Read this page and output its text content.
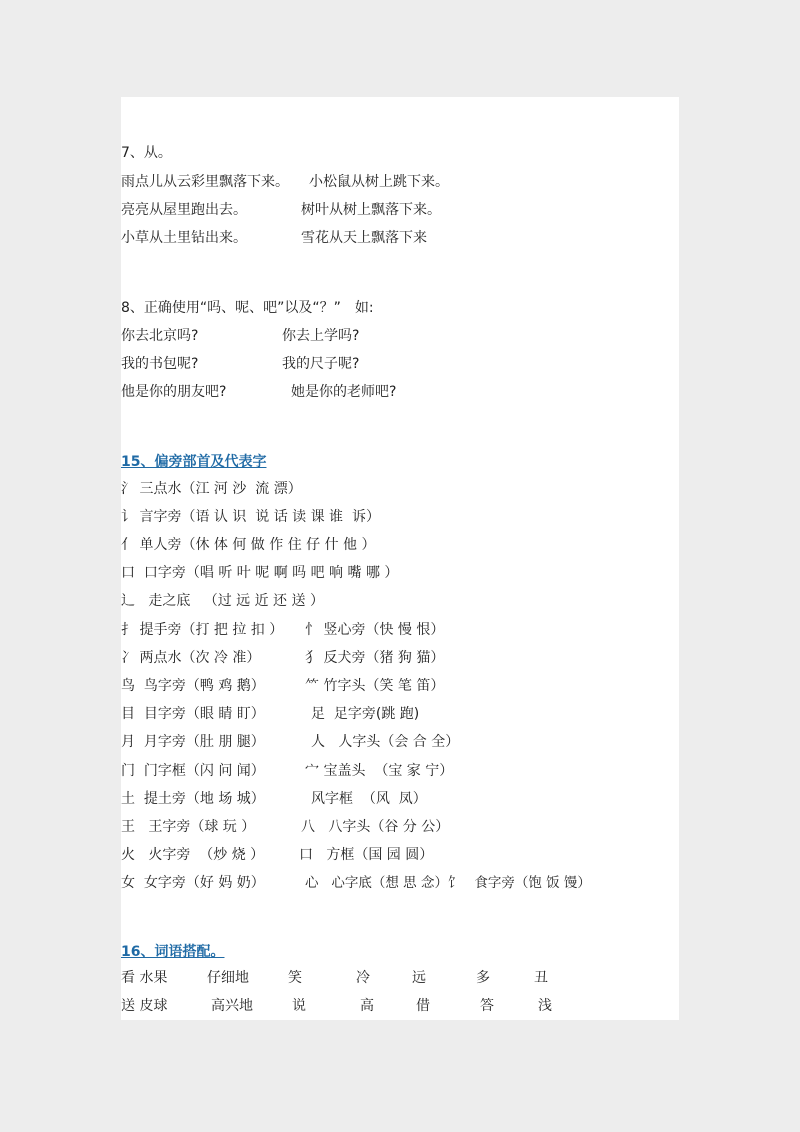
7、从。
雨点儿从云彩里飘落下来。 小松鼠从树上跳下来。
亮亮从屋里跑出去。	树叶从树上飘落下来。
小草从土里钻出来。	雪花从天上飘落下来
8、正确使用“吗、呢、吧”以及“？”　如:
你去北京吗?	你去上学吗?
我的书包呢?	我的尺子呢?
他是你的朋友吧?	她是你的老师吧?
15、偏旁部首及代表字
氵 三点水（江 河 沙  流 漂）
讠 言字旁（语 认 识  说 话 读 课 谁  诉）
亻 单人旁（休 体 何 做 作 住 仔 什 他 ）
口  口字旁（唱 听 叶 呢 啊 吗 吧 响 嘴 哪 ）
辶   走之底   （过 远 近 还 送 ）
扌 提手旁（打 把 拉 扣 ） 忄 竖心旁（快 慢 恨）
冫 两点水（次 冷 准）	犭 反犬旁（猪 狗 猫）
鸟  鸟字旁（鸭 鸡 鹅）	⺮ 竹字头（笑 笔 笛）
目  目字旁（眼 睛 盯）	足  足字旁(跳 跑)
月  月字旁（肚 朋 腿）	人   人字头（会 合 全）
门  门字框（闪 问 闻）	宀 宝盖头  （宝 家 宁）
土  提土旁（地 场 城）	风字框  （风  凤）
王   王字旁（球 玩 ）	八   八字头（谷 分 公）
火   火字旁  （炒 烧 ） 口   方框（国 园 圆）
女  女字旁（好 妈 奶）	心   心字底（想 思 念）饣   食字旁（饱 饭 馒）
16、词语搭配。
看 水果	仔细地	笑	冷	远	多	丑
送 皮球	高兴地	说	高	借	答	浅
